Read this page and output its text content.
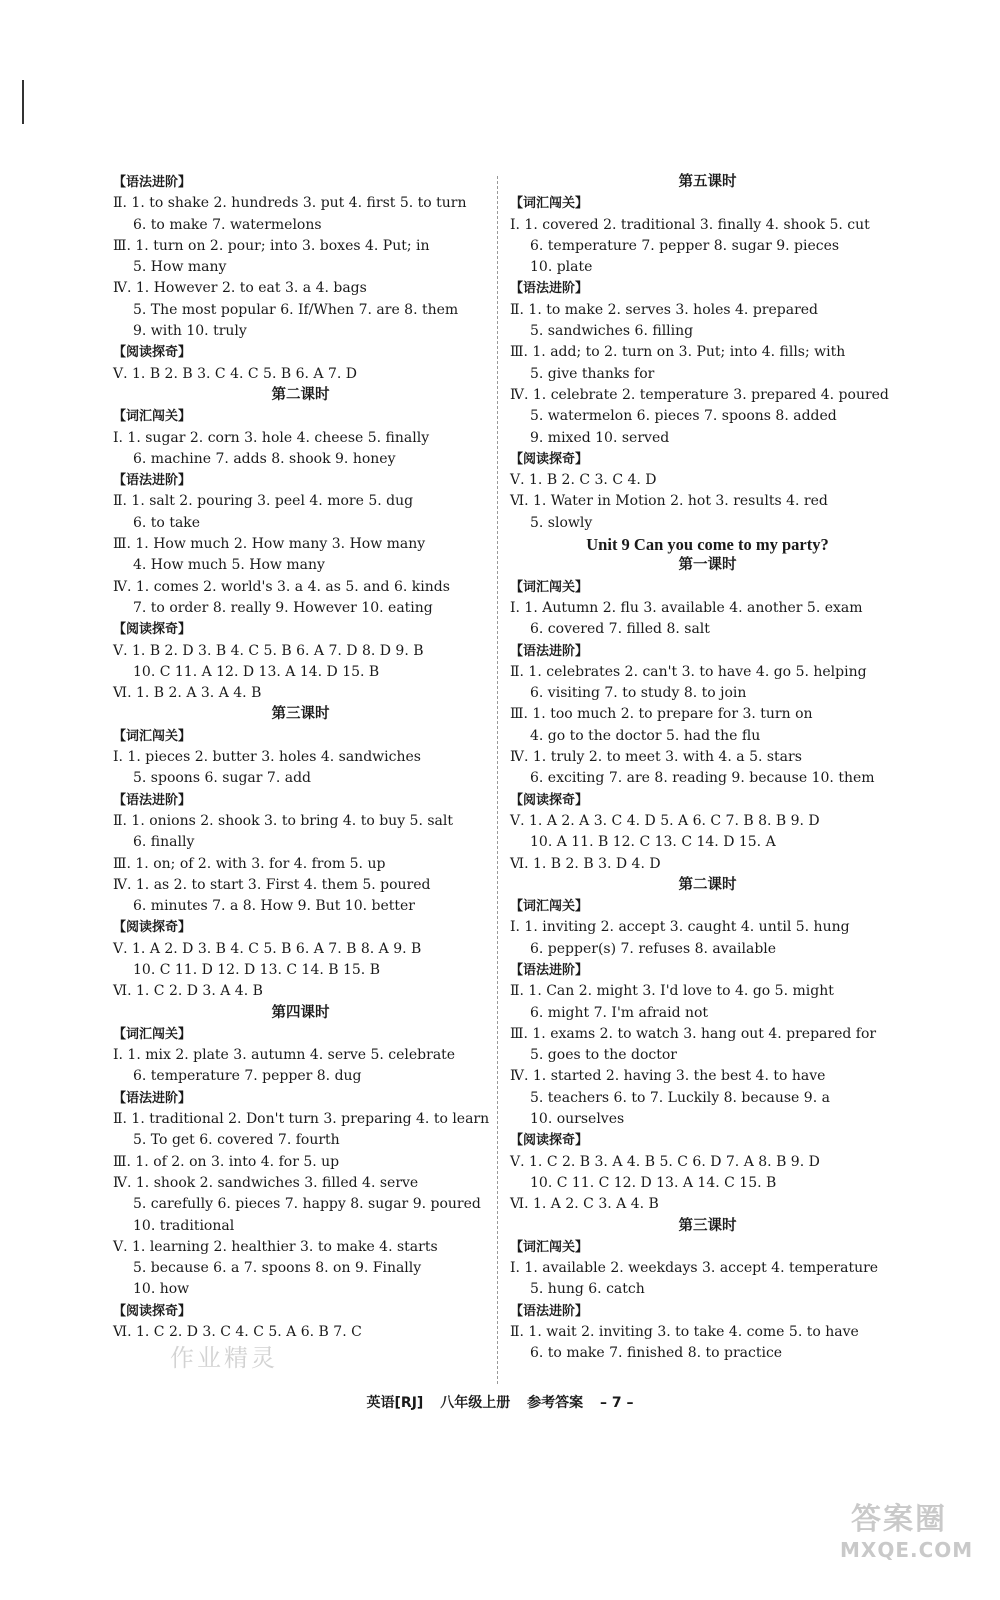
【语法进阶】
Ⅱ. 1. to shake 2. hundreds 3. put 4. first 5. to turn
6. to make 7. watermelons
Ⅲ. 1. turn on 2. pour; into 3. boxes 4. Put; in
5. How many
Ⅳ. 1. However 2. to eat 3. a 4. bags
5. The most popular 6. If/When 7. are 8. them
9. with 10. truly
【阅读探奇】
Ⅴ. 1. B 2. B 3. C 4. C 5. B 6. A 7. D
第二课时
【词汇闯关】
Ⅰ. 1. sugar 2. corn 3. hole 4. cheese 5. finally
6. machine 7. adds 8. shook 9. honey
【语法进阶】
Ⅱ. 1. salt 2. pouring 3. peel 4. more 5. dug
6. to take
Ⅲ. 1. How much 2. How many 3. How many
4. How much 5. How many
Ⅳ. 1. comes 2. world's 3. a 4. as 5. and 6. kinds
7. to order 8. really 9. However 10. eating
【阅读探奇】
Ⅴ. 1. B 2. D 3. B 4. C 5. B 6. A 7. D 8. D 9. B
10. C 11. A 12. D 13. A 14. D 15. B
Ⅵ. 1. B 2. A 3. A 4. B
第三课时
【词汇闯关】
Ⅰ. 1. pieces 2. butter 3. holes 4. sandwiches
5. spoons 6. sugar 7. add
【语法进阶】
Ⅱ. 1. onions 2. shook 3. to bring 4. to buy 5. salt
6. finally
Ⅲ. 1. on; of 2. with 3. for 4. from 5. up
Ⅳ. 1. as 2. to start 3. First 4. them 5. poured
6. minutes 7. a 8. How 9. But 10. better
【阅读探奇】
Ⅴ. 1. A 2. D 3. B 4. C 5. B 6. A 7. B 8. A 9. B
10. C 11. D 12. D 13. C 14. B 15. B
Ⅵ. 1. C 2. D 3. A 4. B
第四课时
【词汇闯关】
Ⅰ. 1. mix 2. plate 3. autumn 4. serve 5. celebrate
6. temperature 7. pepper 8. dug
【语法进阶】
Ⅱ. 1. traditional 2. Don't turn 3. preparing 4. to learn
5. To get 6. covered 7. fourth
Ⅲ. 1. of 2. on 3. into 4. for 5. up
Ⅳ. 1. shook 2. sandwiches 3. filled 4. serve
5. carefully 6. pieces 7. happy 8. sugar 9. poured
10. traditional
Ⅴ. 1. learning 2. healthier 3. to make 4. starts
5. because 6. a 7. spoons 8. on 9. Finally
10. how
【阅读探奇】
Ⅵ. 1. C 2. D 3. C 4. C 5. A 6. B 7. C
第五课时
【词汇闯关】
Ⅰ. 1. covered 2. traditional 3. finally 4. shook 5. cut
6. temperature 7. pepper 8. sugar 9. pieces
10. plate
【语法进阶】
Ⅱ. 1. to make 2. serves 3. holes 4. prepared
5. sandwiches 6. filling
Ⅲ. 1. add; to 2. turn on 3. Put; into 4. fills; with
5. give thanks for
Ⅳ. 1. celebrate 2. temperature 3. prepared 4. poured
5. watermelon 6. pieces 7. spoons 8. added
9. mixed 10. served
【阅读探奇】
Ⅴ. 1. B 2. C 3. C 4. D
Ⅵ. 1. Water in Motion 2. hot 3. results 4. red
5. slowly
Unit 9 Can you come to my party?
第一课时
【词汇闯关】
Ⅰ. 1. Autumn 2. flu 3. available 4. another 5. exam
6. covered 7. filled 8. salt
【语法进阶】
Ⅱ. 1. celebrates 2. can't 3. to have 4. go 5. helping
6. visiting 7. to study 8. to join
Ⅲ. 1. too much 2. to prepare for 3. turn on
4. go to the doctor 5. had the flu
Ⅳ. 1. truly 2. to meet 3. with 4. a 5. stars
6. exciting 7. are 8. reading 9. because 10. them
【阅读探奇】
Ⅴ. 1. A 2. A 3. C 4. D 5. A 6. C 7. B 8. B 9. D
10. A 11. B 12. C 13. C 14. D 15. A
Ⅵ. 1. B 2. B 3. D 4. D
第二课时
【词汇闯关】
Ⅰ. 1. inviting 2. accept 3. caught 4. until 5. hung
6. pepper(s) 7. refuses 8. available
【语法进阶】
Ⅱ. 1. Can 2. might 3. I'd love to 4. go 5. might
6. might 7. I'm afraid not
Ⅲ. 1. exams 2. to watch 3. hang out 4. prepared for
5. goes to the doctor
Ⅳ. 1. started 2. having 3. the best 4. to have
5. teachers 6. to 7. Luckily 8. because 9. a
10. ourselves
【阅读探奇】
Ⅴ. 1. C 2. B 3. A 4. B 5. C 6. D 7. A 8. B 9. D
10. C 11. C 12. D 13. A 14. C 15. B
Ⅵ. 1. A 2. C 3. A 4. B
第三课时
【词汇闯关】
Ⅰ. 1. available 2. weekdays 3. accept 4. temperature
5. hung 6. catch
【语法进阶】
Ⅱ. 1. wait 2. inviting 3. to take 4. come 5. to have
6. to make 7. finished 8. to practice
英语[RJ] 八年级上册 参考答案 – 7 –
作业精灵
答案圈
MXQE.COM
